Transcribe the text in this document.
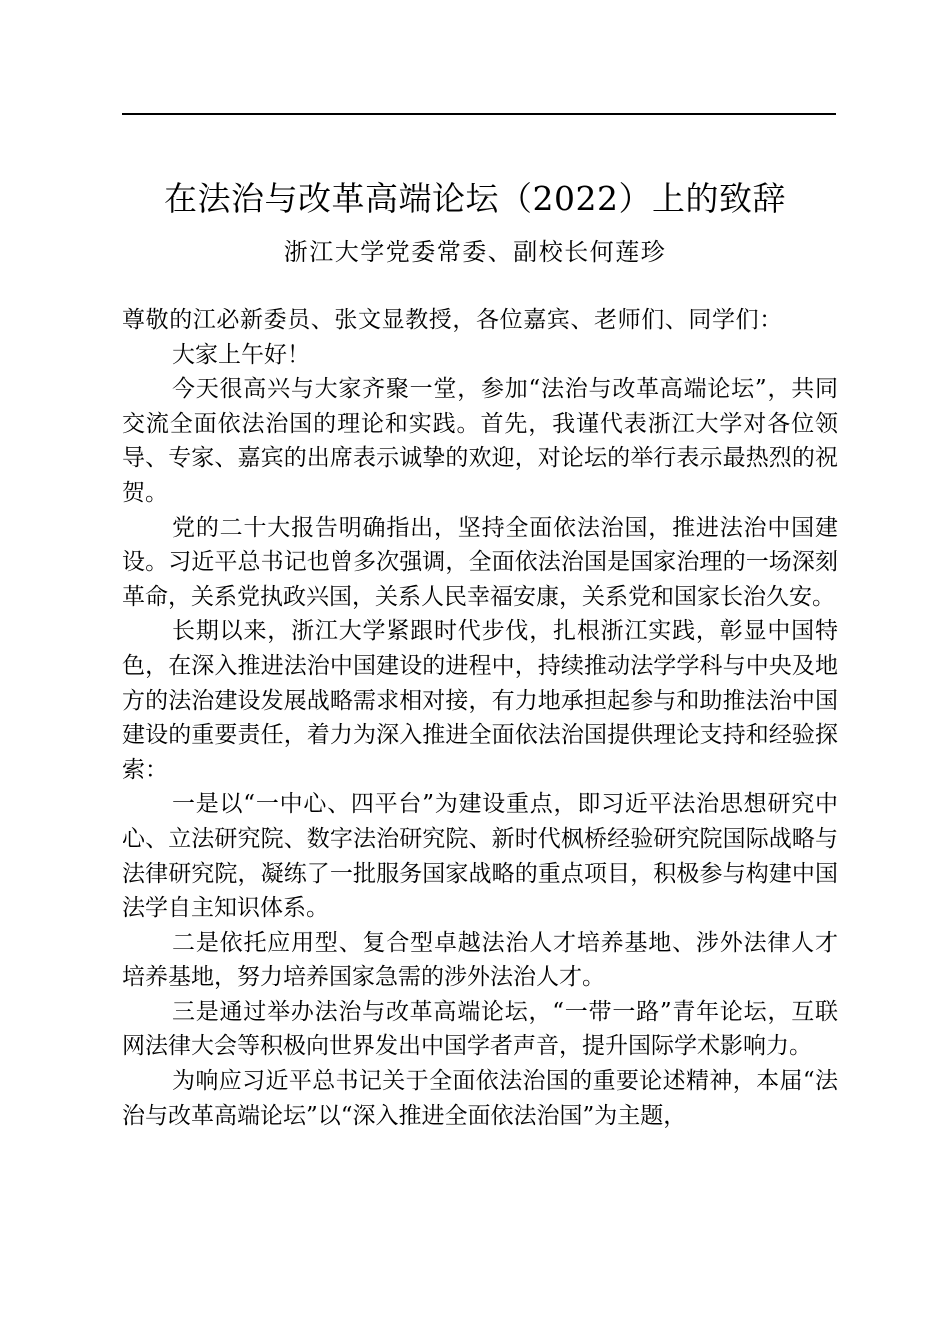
在法治与改革高端论坛（2022）上的致辞
浙江大学党委常委、副校长何莲珍

尊敬的江必新委员、张文显教授，各位嘉宾、老师们、同学们：

大家上午好！

今天很高兴与大家齐聚一堂，参加“法治与改革高端论坛”，共同交流全面依法治国的理论和实践。首先，我谨代表浙江大学对各位领导、专家、嘉宾的出席表示诚挚的欢迎，对论坛的举行表示最热烈的祝贺。

党的二十大报告明确指出，坚持全面依法治国，推进法治中国建设。习近平总书记也曾多次强调，全面依法治国是国家治理的一场深刻革命，关系党执政兴国，关系人民幸福安康，关系党和国家长治久安。

长期以来，浙江大学紧跟时代步伐，扎根浙江实践，彰显中国特色，在深入推进法治中国建设的进程中，持续推动法学学科与中央及地方的法治建设发展战略需求相对接，有力地承担起参与和助推法治中国建设的重要责任，着力为深入推进全面依法治国提供理论支持和经验探索：

一是以“一中心、四平台”为建设重点，即习近平法治思想研究中心、立法研究院、数字法治研究院、新时代枫桥经验研究院国际战略与法律研究院，凝练了一批服务国家战略的重点项目，积极参与构建中国法学自主知识体系。

二是依托应用型、复合型卓越法治人才培养基地、涉外法律人才培养基地，努力培养国家急需的涉外法治人才。

三是通过举办法治与改革高端论坛，“一带一路”青年论坛，互联网法律大会等积极向世界发出中国学者声音，提升国际学术影响力。

为响应习近平总书记关于全面依法治国的重要论述精神，本届“法治与改革高端论坛”以“深入推进全面依法治国”为主题，
